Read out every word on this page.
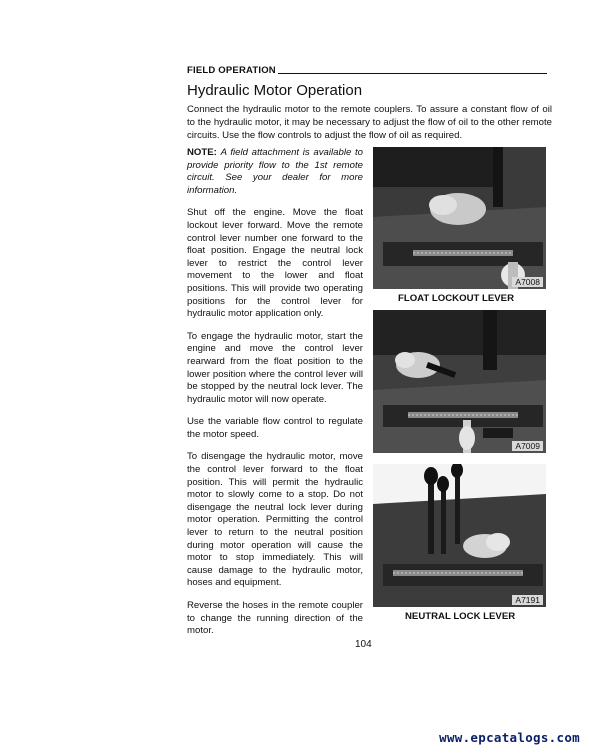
FIELD OPERATION
Hydraulic Motor Operation

Connect the hydraulic motor to the remote couplers. To assure a constant flow of oil to the hydraulic motor, it may be necessary to adjust the flow of oil to the other remote circuits. Use the flow controls to adjust the flow of oil as required.

NOTE: A field attachment is available to provide priority flow to the 1st remote circuit. See your dealer for more information.

Shut off the engine. Move the float lockout lever forward. Move the remote control lever number one forward to the float position. Engage the neutral lock lever to restrict the control lever movement to the lower and float positions. This will provide two operating positions for the control lever for hydraulic motor application only.

To engage the hydraulic motor, start the engine and move the control lever rearward from the float position to the lower position where the control lever will be stopped by the neutral lock lever. The hydraulic motor will now operate.

Use the variable flow control to regulate the motor speed.

To disengage the hydraulic motor, move the control lever forward to the float position. This will permit the hydraulic motor to slowly come to a stop. Do not disengage the neutral lock lever during motor operation. Permitting the control lever to return to the neutral position during motor operation will cause the motor to stop immediately. This will cause damage to the hydraulic motor, hoses and equipment.

Reverse the hoses in the remote coupler to change the running direction of the motor.

A7008
FLOAT LOCKOUT LEVER
A7009
A7191
NEUTRAL LOCK LEVER
104
www.epcatalogs.com
